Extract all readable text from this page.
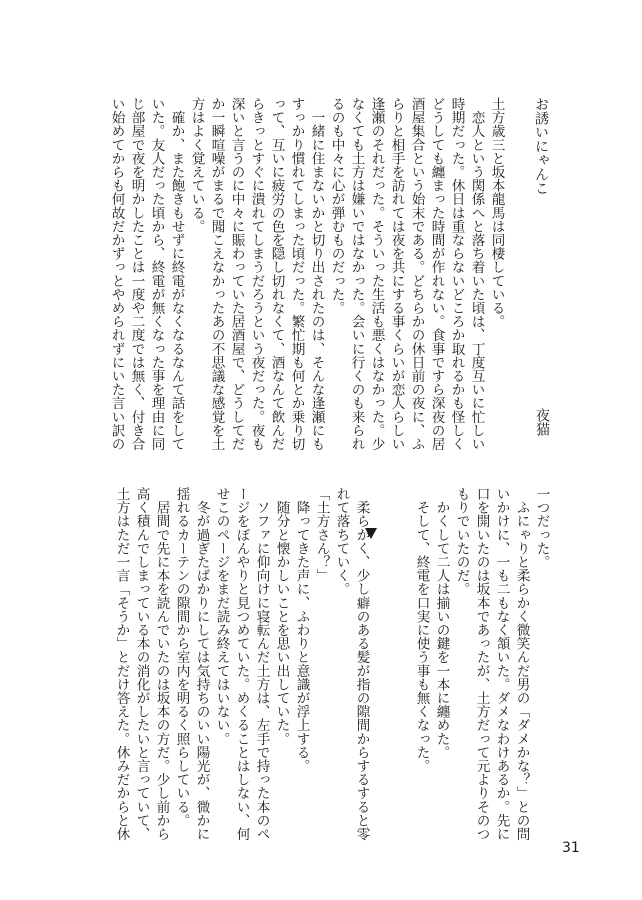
お誘いにゃんこ
夜猫
土方歳三と坂本龍馬は同棲している。
　恋人という関係へと落ち着いた頃は、丁度互いに忙しい
時期だった。休日は重ならないどころか取れるかも怪しく
どうしても纏まった時間が作れない。食事ですら深夜の居
酒屋集合という始末である。どちらかの休日前の夜に、ふ
らりと相手を訪れては夜を共にする事くらいが恋人らしい
逢瀬のそれだった。そういった生活も悪くはなかった。少
なくても土方は嫌いではなかった。会いに行くのも来られ
るのも中々に心が弾むものだった。
　一緒に住まないかと切り出されたのは、そんな逢瀬にも
すっかり慣れてしまった頃だった。繁忙期も何とか乗り切
って、互いに疲労の色を隠し切れなくて、酒なんて飲んだ
らきっとすぐに潰れてしまうだろうという夜だった。夜も
深いと言うのに中々に賑わっていた居酒屋で、どうしてだ
か一瞬喧噪がまるで聞こえなかったあの不思議な感覚を土
方はよく覚えている。
　確か、また飽きもせずに終電がなくなるなんて話をして
いた。友人だった頃から、終電が無くなった事を理由に同
じ部屋で夜を明かしたことは一度や二度では無く、付き合
い始めてからも何故だかずっとやめられずにいた言い訳の
一つだった。
　ふにゃりと柔らかく微笑んだ男の「ダメかな？」との問
いかけに、一も二もなく頷いた。ダメなわけあるか。先に
口を開いたのは坂本であったが、土方だって元よりそのつ
もりでいたのだ。
　かくして二人は揃いの鍵を一本に纏めた。
　そして、終電を口実に使う事も無くなった。
　柔らかく、少し癖のある髪が指の隙間からするすると零
れて落ちていく。
「土方さん？」
　降ってきた声に、ふわりと意識が浮上する。
　随分と懐かしいことを思い出していた。
　ソファに仰向けに寝転んだ土方は、左手で持った本のペ
ージをぼんやりと見つめていた。めくることはしない、何
せこのページをまだ読み終えてはいない。
　冬が過ぎたばかりにしては気持ちのいい陽光が、微かに
揺れるカーテンの隙間から室内を明るく照らしている。
　居間で先に本を読んでいたのは坂本の方だ。少し前から
高く積んでしまっている本の消化がしたいと言っていて、
土方はただ一言「そうか」とだけ答えた。休みだからと休
31
